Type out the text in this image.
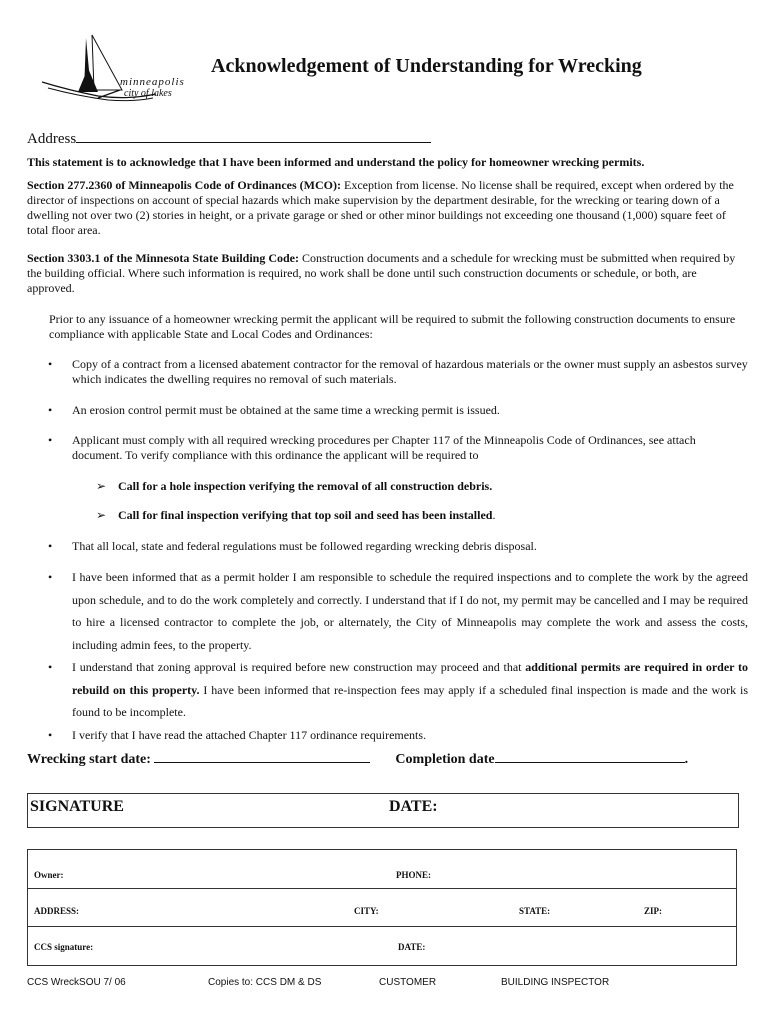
minneapolis
city of lakes
Acknowledgement of Understanding for Wrecking
Address
This statement is to acknowledge that I have been informed and understand the policy for homeowner wrecking permits.
Section 277.2360 of Minneapolis Code of Ordinances (MCO): Exception from license. No license shall be required, except when ordered by the director of inspections on account of special hazards which make supervision by the department desirable, for the wrecking or tearing down of a dwelling not over two (2) stories in height, or a private garage or shed or other minor buildings not exceeding one thousand (1,000) square feet of total floor area.
Section 3303.1 of the Minnesota State Building Code: Construction documents and a schedule for wrecking must be submitted when required by the building official. Where such information is required, no work shall be done until such construction documents or schedule, or both, are approved.
Prior to any issuance of a homeowner wrecking permit the applicant will be required to submit the following construction documents to ensure compliance with applicable State and Local Codes and Ordinances:
• Copy of a contract from a licensed abatement contractor for the removal of hazardous materials or the owner must supply an asbestos survey which indicates the dwelling requires no removal of such materials.
• An erosion control permit must be obtained at the same time a wrecking permit is issued.
• Applicant must comply with all required wrecking procedures per Chapter 117 of the Minneapolis Code of Ordinances, see attach document. To verify compliance with this ordinance the applicant will be required to
➢ Call for a hole inspection verifying the removal of all construction debris.
➢ Call for final inspection verifying that top soil and seed has been installed.
• That all local, state and federal regulations must be followed regarding wrecking debris disposal.
• I have been informed that as a permit holder I am responsible to schedule the required inspections and to complete the work by the agreed upon schedule, and to do the work completely and correctly. I understand that if I do not, my permit may be cancelled and I may be required to hire a licensed contractor to complete the job, or alternately, the City of Minneapolis may complete the work and assess the costs, including admin fees, to the property.
• I understand that zoning approval is required before new construction may proceed and that additional permits are required in order to rebuild on this property. I have been informed that re-inspection fees may apply if a scheduled final inspection is made and the work is found to be incomplete.
• I verify that I have read the attached Chapter 117 ordinance requirements.
Wrecking start date:	Completion date	.
SIGNATURE	DATE:
Owner:	PHONE:
ADDRESS:	CITY:	STATE:	ZIP:
CCS signature:	DATE:
CCS WreckSOU 7/ 06	Copies to: CCS DM & DS	CUSTOMER	BUILDING INSPECTOR
